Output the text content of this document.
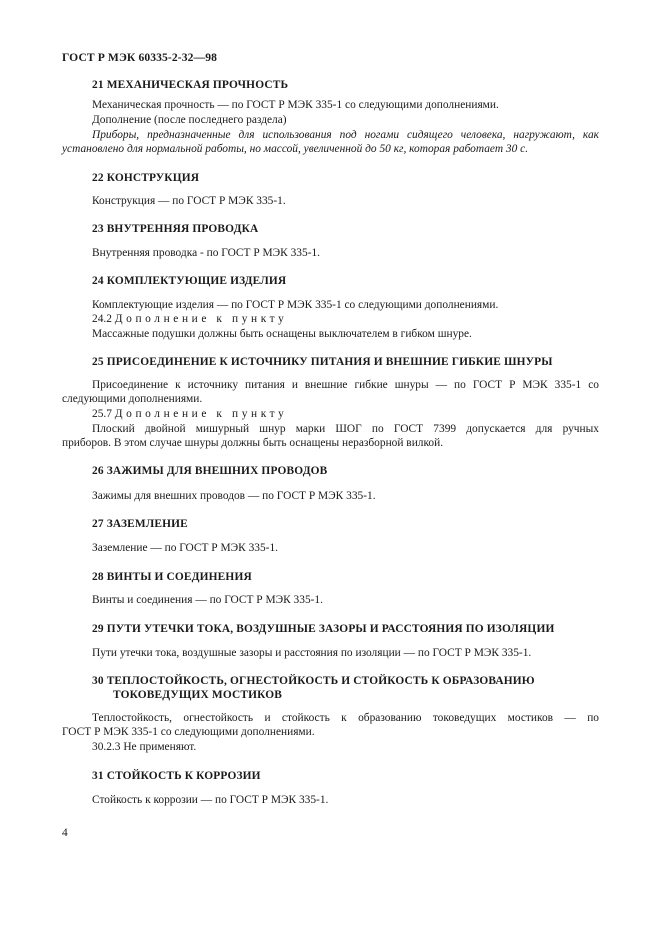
ГОСТ Р МЭК 60335-2-32—98
21 МЕХАНИЧЕСКАЯ ПРОЧНОСТЬ
Механическая прочность — по ГОСТ Р МЭК 335-1 со следующими дополнениями.
Дополнение (после последнего раздела)
Приборы, предназначенные для использования под ногами сидящего человека, нагружают, как
установлено для нормальной работы, но массой, увеличенной до 50 кг, которая работает 30 с.
22 КОНСТРУКЦИЯ
Конструкция — по ГОСТ Р МЭК 335-1.
23 ВНУТРЕННЯЯ ПРОВОДКА
Внутренняя проводка - по ГОСТ Р МЭК 335-1.
24 КОМПЛЕКТУЮЩИЕ ИЗДЕЛИЯ
Комплектующие изделия — по ГОСТ Р МЭК 335-1 со следующими дополнениями.
24.2 Дополнение к пункту
Массажные подушки должны быть оснащены выключателем в гибком шнуре.
25 ПРИСОЕДИНЕНИЕ К ИСТОЧНИКУ ПИТАНИЯ И ВНЕШНИЕ ГИБКИЕ ШНУРЫ
Присоединение к источнику питания и внешние гибкие шнуры — по ГОСТ Р МЭК 335-1 со
следующими дополнениями.
25.7 Дополнение к пункту
Плоский двойной мишурный шнур марки ШОГ по ГОСТ 7399 допускается для ручных
приборов. В этом случае шнуры должны быть оснащены неразборной вилкой.
26 ЗАЖИМЫ ДЛЯ ВНЕШНИХ ПРОВОДОВ
Зажимы для внешних проводов — по ГОСТ Р МЭК 335-1.
27 ЗАЗЕМЛЕНИЕ
Заземление — по ГОСТ Р МЭК 335-1.
28 ВИНТЫ И СОЕДИНЕНИЯ
Винты и соединения — по ГОСТ Р МЭК 335-1.
29 ПУТИ УТЕЧКИ ТОКА, ВОЗДУШНЫЕ ЗАЗОРЫ И РАССТОЯНИЯ ПО ИЗОЛЯЦИИ
Пути утечки тока, воздушные зазоры и расстояния по изоляции — по ГОСТ Р МЭК 335-1.
30 ТЕПЛОСТОЙКОСТЬ, ОГНЕСТОЙКОСТЬ И СТОЙКОСТЬ К ОБРАЗОВАНИЮ
ТОКОВЕДУЩИХ МОСТИКОВ
Теплостойкость, огнестойкость и стойкость к образованию токоведущих мостиков — по
ГОСТ Р МЭК 335-1 со следующими дополнениями.
30.2.3 Не применяют.
31 СТОЙКОСТЬ К КОРРОЗИИ
Стойкость к коррозии — по ГОСТ Р МЭК 335-1.
4
